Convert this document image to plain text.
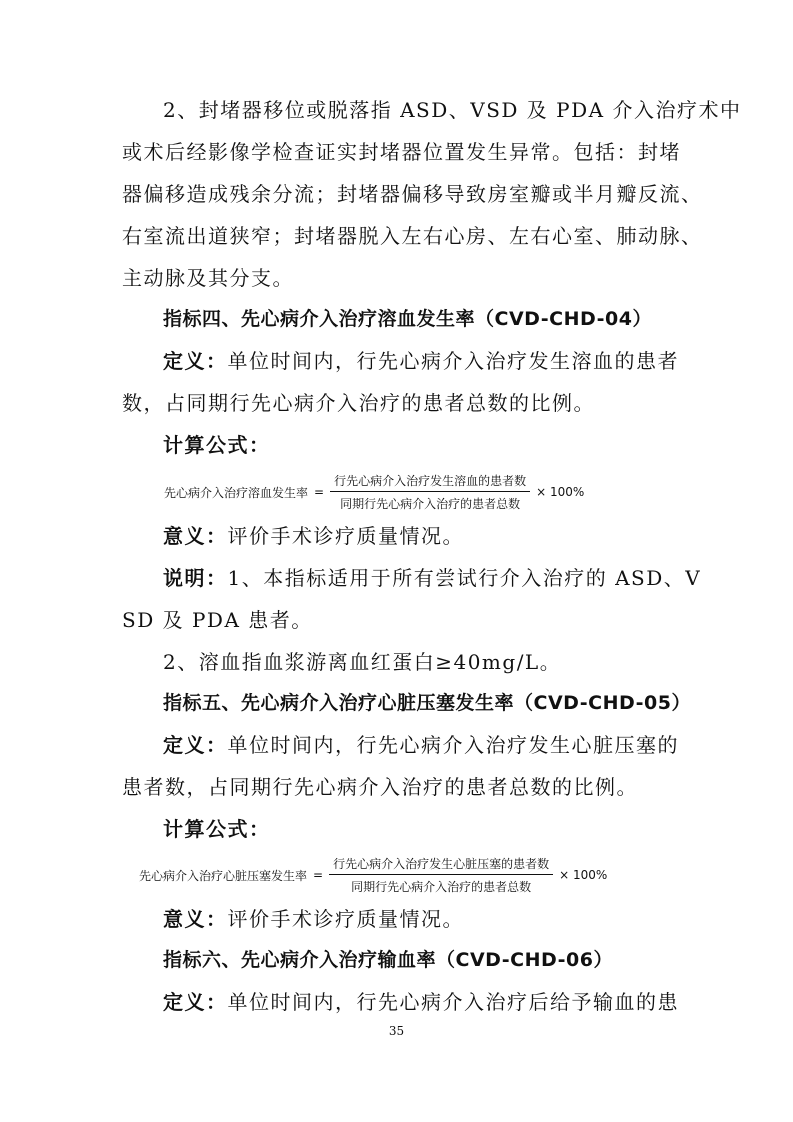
2、封堵器移位或脱落指 ASD、VSD 及 PDA 介入治疗术中
或术后经影像学检查证实封堵器位置发生异常。包括：封堵
器偏移造成残余分流；封堵器偏移导致房室瓣或半月瓣反流、
右室流出道狭窄；封堵器脱入左右心房、左右心室、肺动脉、
主动脉及其分支。
指标四、先心病介入治疗溶血发生率（CVD-CHD-04）
定义：单位时间内，行先心病介入治疗发生溶血的患者
数，占同期行先心病介入治疗的患者总数的比例。
计算公式：
先心病介入治疗溶血发生率 = $\frac{\text{行先心病介入治疗发生溶血的患者数}}{\text{同期行先心病介入治疗的患者总数}} \times 100\%$
意义：评价手术诊疗质量情况。
说明：1、本指标适用于所有尝试行介入治疗的 ASD、V
SD 及 PDA 患者。
2、溶血指血浆游离血红蛋白≥40mg/L。
指标五、先心病介入治疗心脏压塞发生率（CVD-CHD-05）
定义：单位时间内，行先心病介入治疗发生心脏压塞的
患者数，占同期行先心病介入治疗的患者总数的比例。
计算公式：
先心病介入治疗心脏压塞发生率 = $\frac{\text{行先心病介入治疗发生心脏压塞的患者数}}{\text{同期行先心病介入治疗的患者总数}} \times 100\%$
意义：评价手术诊疗质量情况。
指标六、先心病介入治疗输血率（CVD-CHD-06）
定义：单位时间内，行先心病介入治疗后给予输血的患
35
